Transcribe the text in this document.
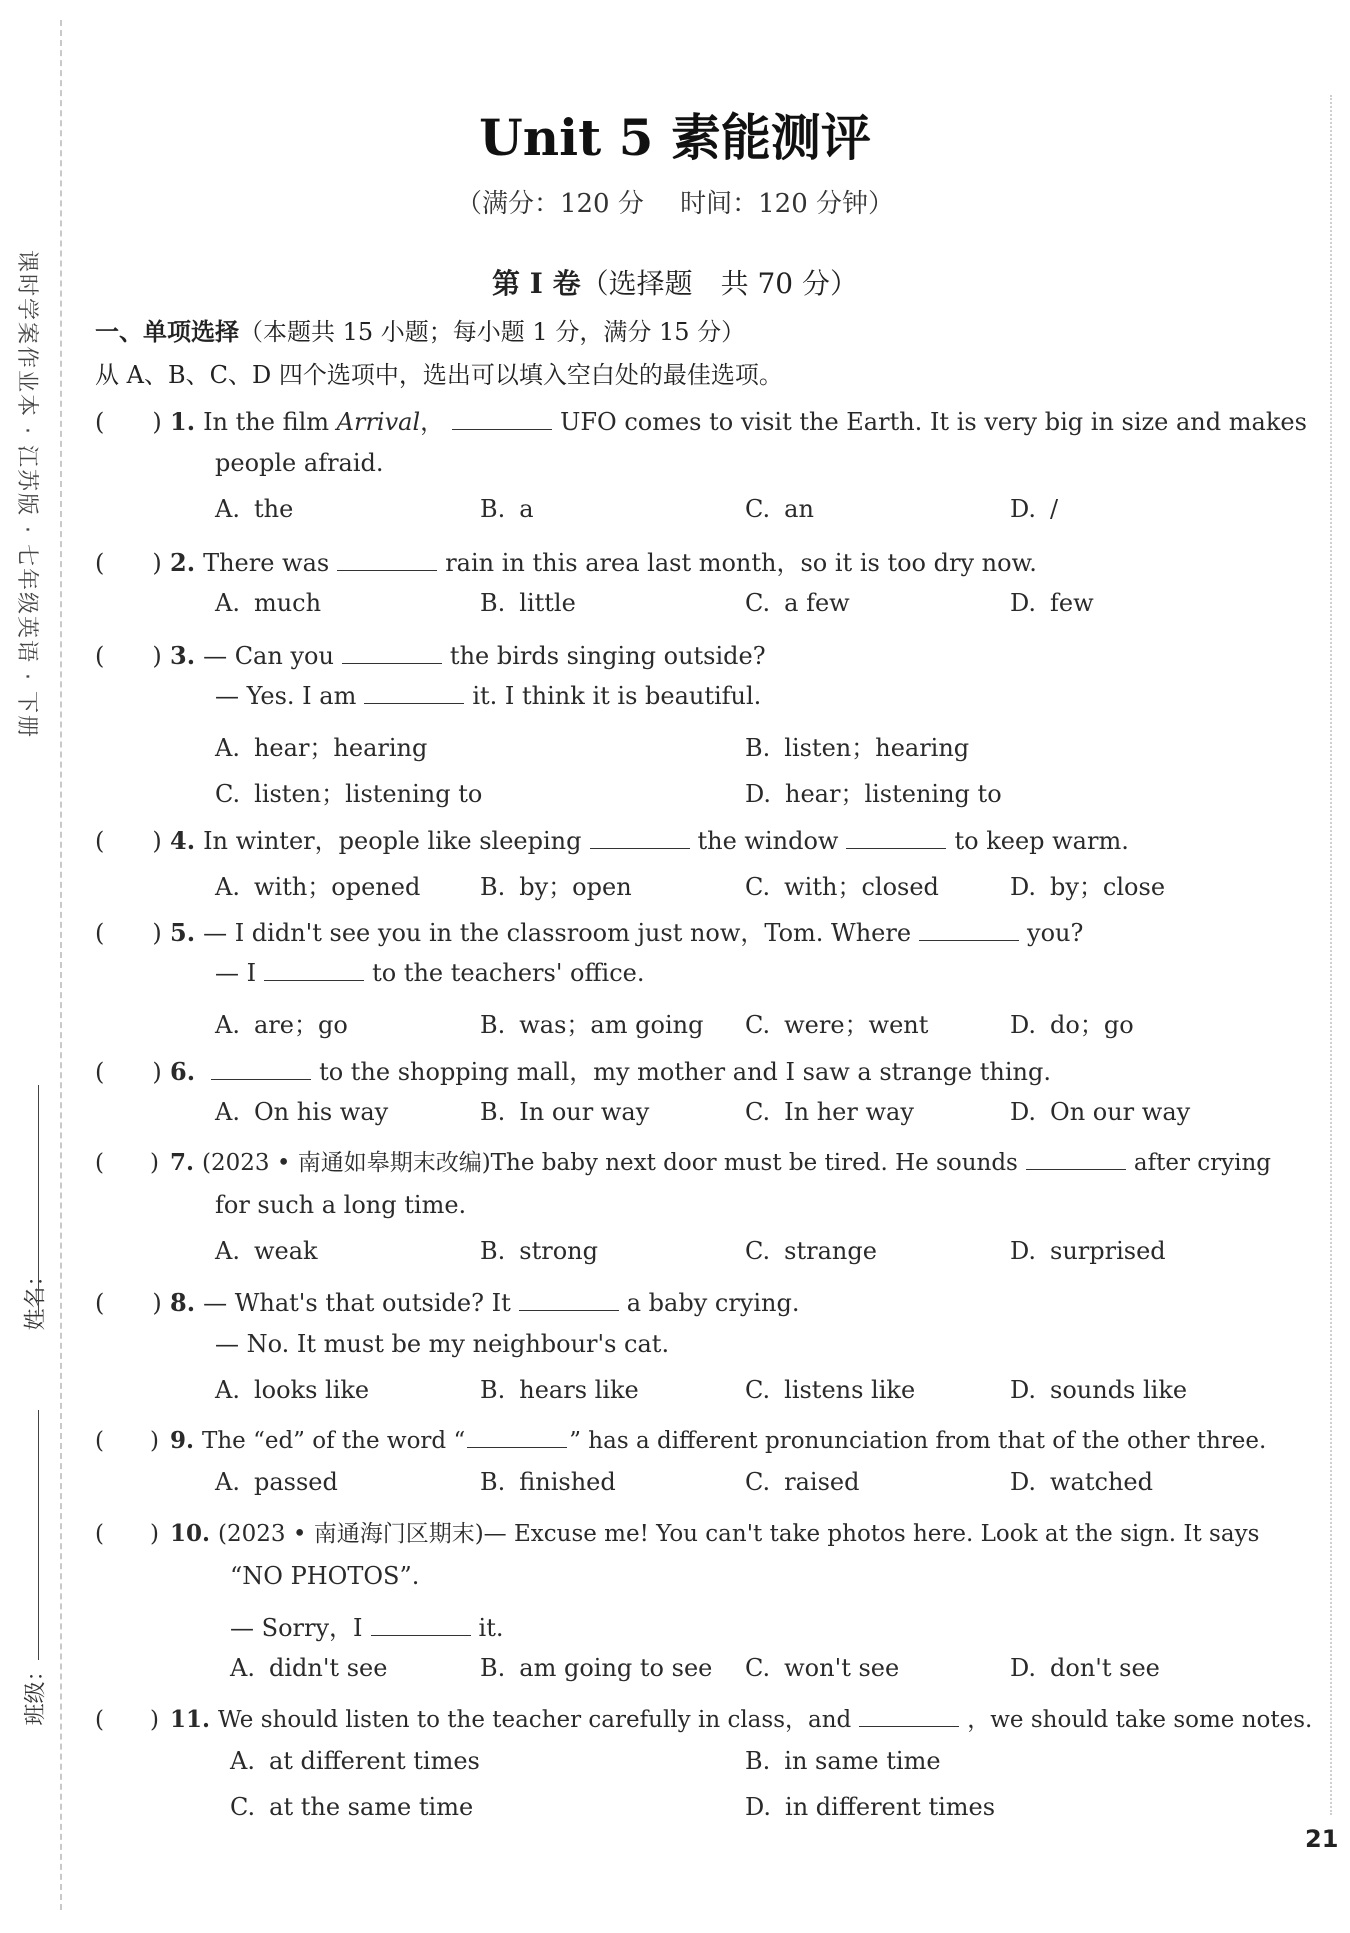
课时学案作业本 · 江苏版 · 七年级英语 · 下册
姓名：
班级：
Unit 5 素能测评
（满分：120 分 时间：120 分钟）
第 Ⅰ 卷（选择题　共 70 分）
一、单项选择（本题共 15 小题；每小题 1 分，满分 15 分）
从 A、B、C、D 四个选项中，选出可以填入空白处的最佳选项。
(　　) 1. In the film Arrival，	UFO comes to visit the Earth. It is very big in size and makes
people afraid.
A. the	B. a	C. an	D. /
(　　) 2. There was	rain in this area last month，so it is too dry now.
A. much	B. little	C. a few	D. few
(　　) 3. — Can you	the birds singing outside?
— Yes. I am	it. I think it is beautiful.
A. hear；hearing	B. listen；hearing
C. listen；listening to	D. hear；listening to
(　　) 4. In winter，people like sleeping	the window	to keep warm.
A. with；opened B. by；open	C. with；closed	D. by；close
(　　) 5. — I didn't see you in the classroom just now，Tom. Where	you?
— I	to the teachers' office.
A. are；go	B. was；am going C. were；went	D. do；go
(　　) 6.	to the shopping mall，my mother and I saw a strange thing.
A. On his way	B. In our way	C. In her way	D. On our way
(　　) 7. (2023 • 南通如皋期末改编)The baby next door must be tired. He sounds	after crying
for such a long time.
A. weak	B. strong	C. strange	D. surprised
(　　) 8. — What's that outside? It	a baby crying.
— No. It must be my neighbour's cat.
A. looks like	B. hears like	C. listens like	D. sounds like
(　　) 9. The “ed” of the word “	” has a different pronunciation from that of the other three.
A. passed	B. finished	C. raised	D. watched
(　　) 10. (2023 • 南通海门区期末)— Excuse me! You can't take photos here. Look at the sign. It says
“NO PHOTOS”.
— Sorry，I	it.
A. didn't see	B. am going to see C. won't see	D. don't see
(　　) 11. We should listen to the teacher carefully in class，and	，we should take some notes.
A. at different times	B. in same time
C. at the same time	D. in different times
21
